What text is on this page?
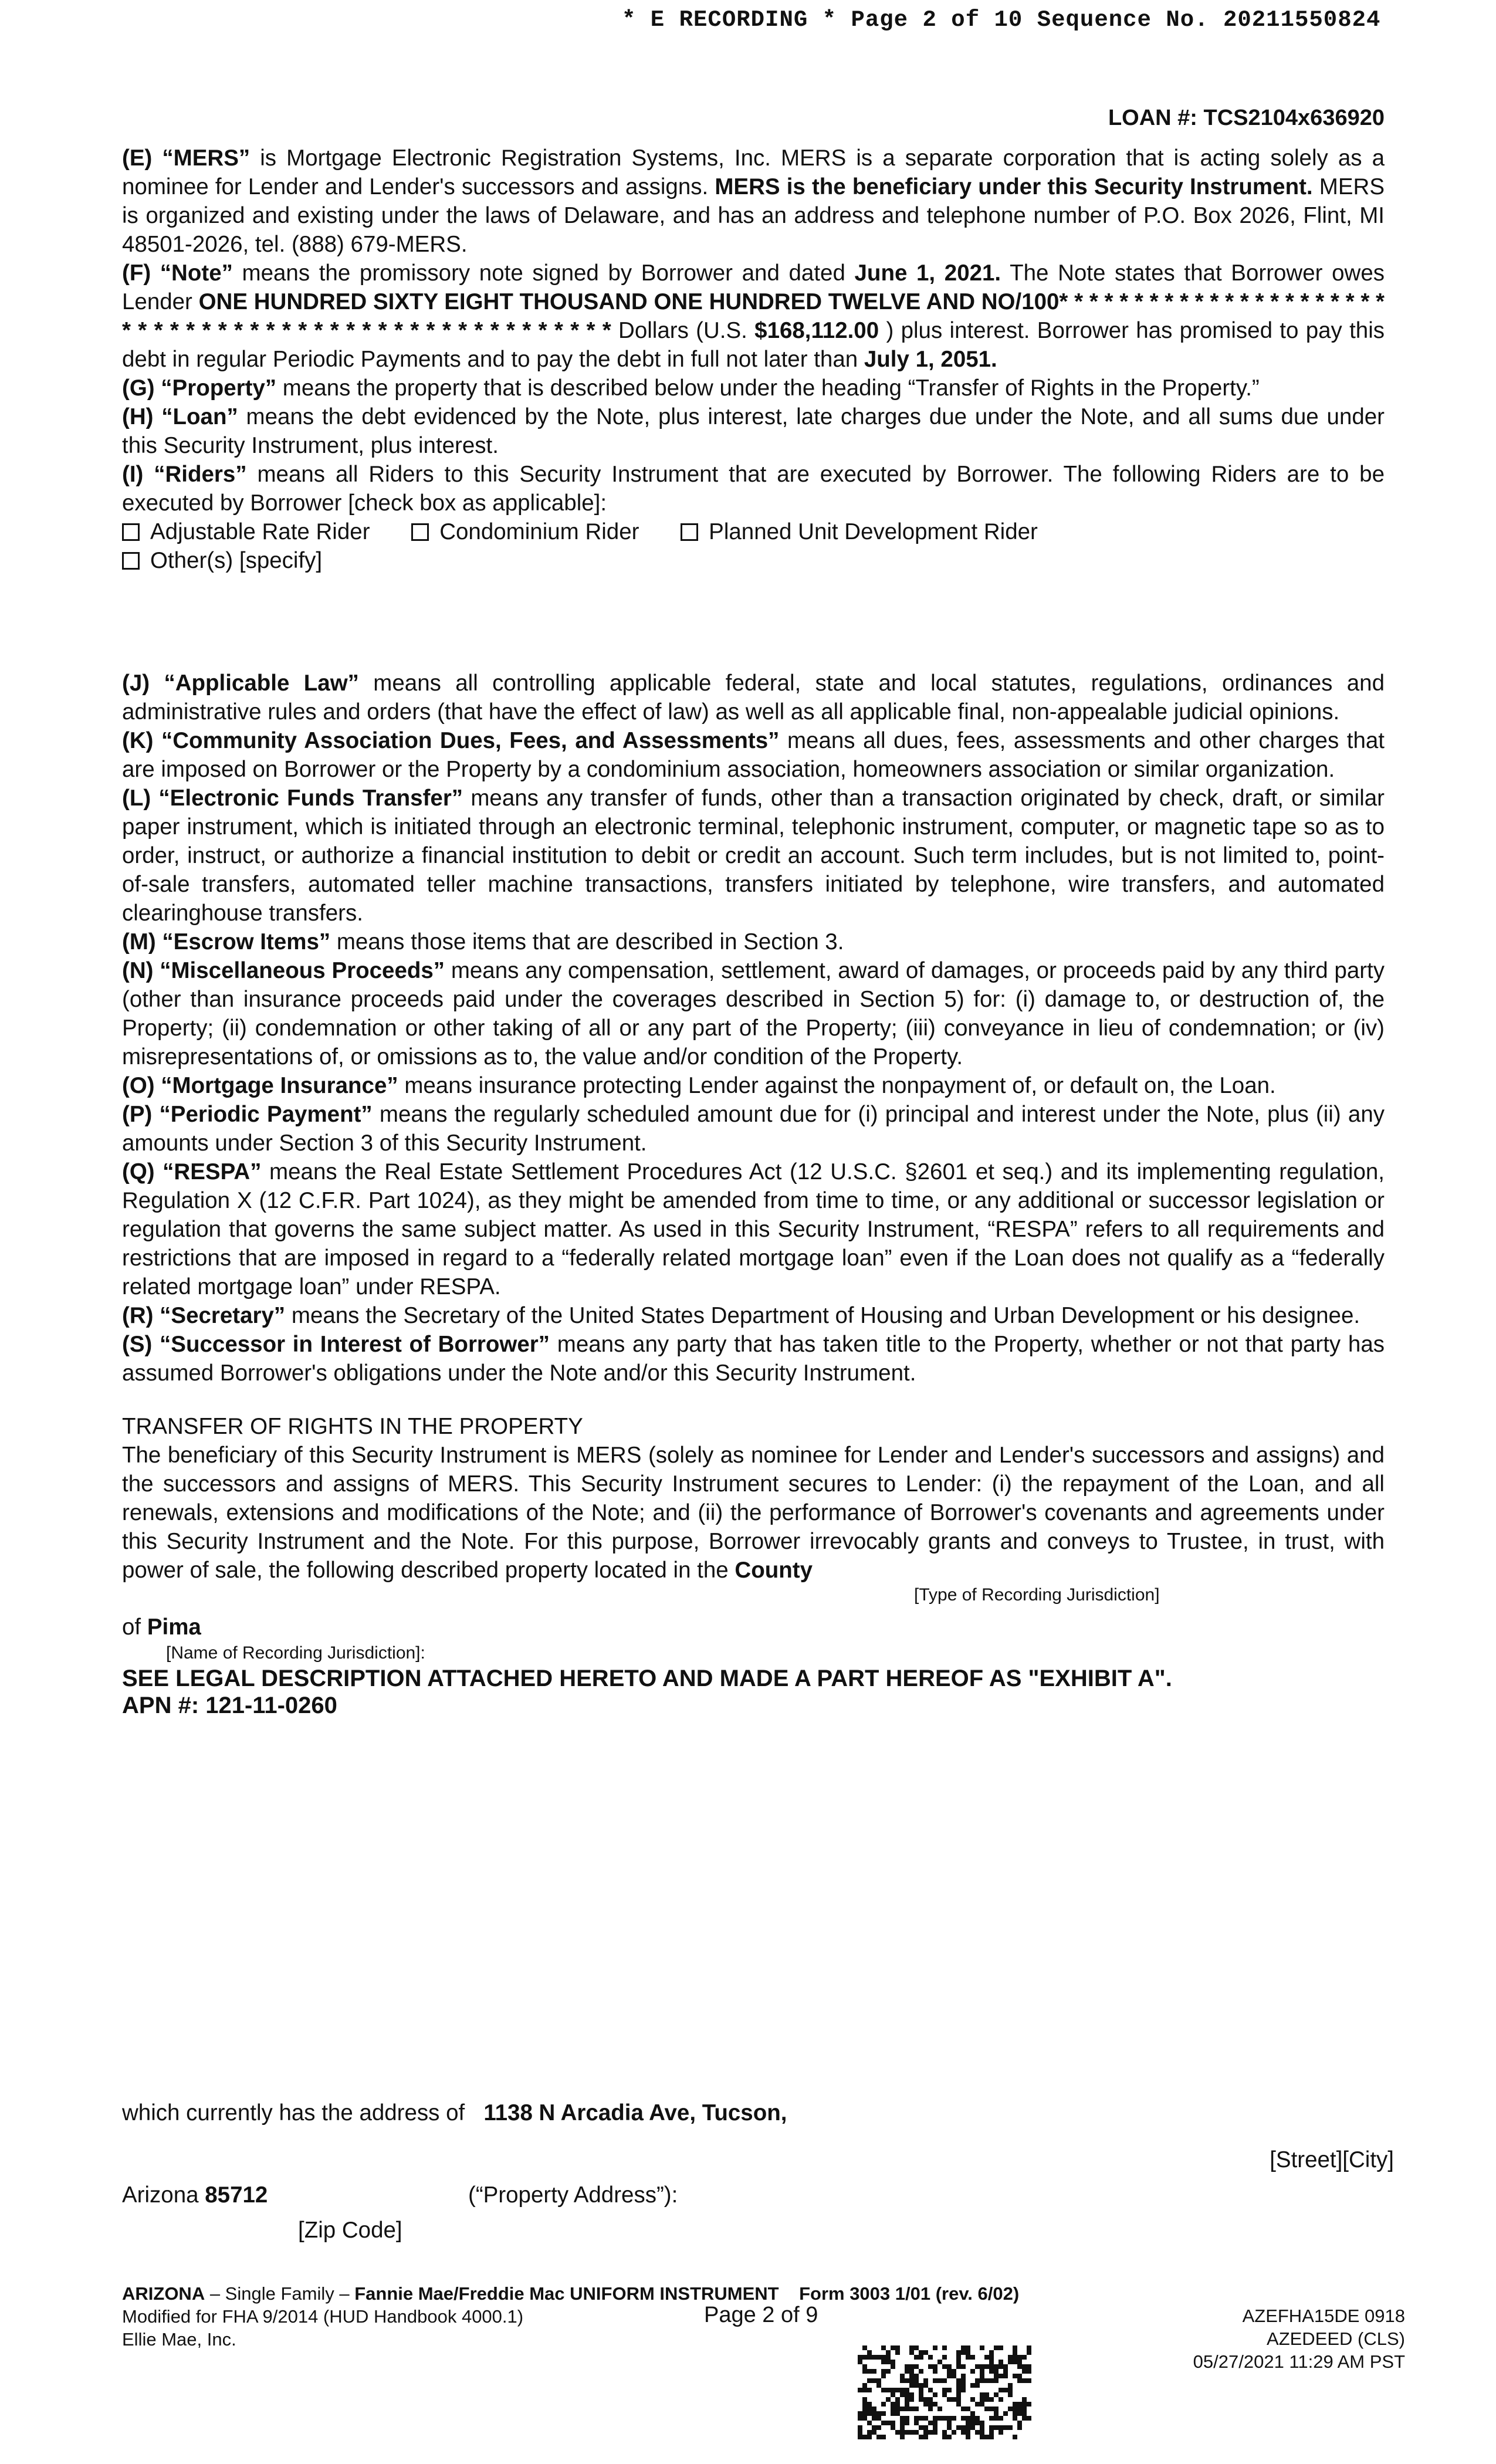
* E RECORDING * Page 2 of 10 Sequence No. 20211550824
LOAN #: TCS2104x636920

(E) “MERS” is Mortgage Electronic Registration Systems, Inc. MERS is a separate corporation that is acting solely as a nominee for Lender and Lender's successors and assigns. MERS is the beneficiary under this Security Instrument. MERS is organized and existing under the laws of Delaware, and has an address and telephone number of P.O. Box 2026, Flint, MI 48501-2026, tel. (888) 679-MERS.

(F) “Note” means the promissory note signed by Borrower and dated June 1, 2021. The Note states that Borrower owes Lender ONE HUNDRED SIXTY EIGHT THOUSAND ONE HUNDRED TWELVE AND NO/100* * * * * * * * * * * * * * * * * * * * * * * * * * * * * * * * * * * * * * * * * * * * * * * * * * * * * Dollars (U.S. $168,112.00 ) plus interest. Borrower has promised to pay this debt in regular Periodic Payments and to pay the debt in full not later than July 1, 2051.

(G) “Property” means the property that is described below under the heading “Transfer of Rights in the Property.”

(H) “Loan” means the debt evidenced by the Note, plus interest, late charges due under the Note, and all sums due under this Security Instrument, plus interest.

(I) “Riders” means all Riders to this Security Instrument that are executed by Borrower. The following Riders are to be executed by Borrower [check box as applicable]:

Adjustable Rate Rider	Condominium Rider	Planned Unit Development Rider
Other(s) [specify]

(J) “Applicable Law” means all controlling applicable federal, state and local statutes, regulations, ordinances and administrative rules and orders (that have the effect of law) as well as all applicable final, non-appealable judicial opinions.

(K) “Community Association Dues, Fees, and Assessments” means all dues, fees, assessments and other charges that are imposed on Borrower or the Property by a condominium association, homeowners association or similar organization.

(L) “Electronic Funds Transfer” means any transfer of funds, other than a transaction originated by check, draft, or similar paper instrument, which is initiated through an electronic terminal, telephonic instrument, computer, or magnetic tape so as to order, instruct, or authorize a financial institution to debit or credit an account. Such term includes, but is not limited to, point-of-sale transfers, automated teller machine transactions, transfers initiated by telephone, wire transfers, and automated clearinghouse transfers.

(M) “Escrow Items” means those items that are described in Section 3.

(N) “Miscellaneous Proceeds” means any compensation, settlement, award of damages, or proceeds paid by any third party (other than insurance proceeds paid under the coverages described in Section 5) for: (i) damage to, or destruction of, the Property; (ii) condemnation or other taking of all or any part of the Property; (iii) conveyance in lieu of condemnation; or (iv) misrepresentations of, or omissions as to, the value and/or condition of the Property.

(O) “Mortgage Insurance” means insurance protecting Lender against the nonpayment of, or default on, the Loan.

(P) “Periodic Payment” means the regularly scheduled amount due for (i) principal and interest under the Note, plus (ii) any amounts under Section 3 of this Security Instrument.

(Q) “RESPA” means the Real Estate Settlement Procedures Act (12 U.S.C. §2601 et seq.) and its implementing regulation, Regulation X (12 C.F.R. Part 1024), as they might be amended from time to time, or any additional or successor legislation or regulation that governs the same subject matter. As used in this Security Instrument, “RESPA” refers to all requirements and restrictions that are imposed in regard to a “federally related mortgage loan” even if the Loan does not qualify as a “federally related mortgage loan” under RESPA.

(R) “Secretary” means the Secretary of the United States Department of Housing and Urban Development or his designee.

(S) “Successor in Interest of Borrower” means any party that has taken title to the Property, whether or not that party has assumed Borrower's obligations under the Note and/or this Security Instrument.

TRANSFER OF RIGHTS IN THE PROPERTY

The beneficiary of this Security Instrument is MERS (solely as nominee for Lender and Lender's successors and assigns) and the successors and assigns of MERS. This Security Instrument secures to Lender: (i) the repayment of the Loan, and all renewals, extensions and modifications of the Note; and (ii) the performance of Borrower's covenants and agreements under this Security Instrument and the Note. For this purpose, Borrower irrevocably grants and conveys to Trustee, in trust, with power of sale, the following described property located in the County

[Type of Recording Jurisdiction]

of Pima

[Name of Recording Jurisdiction]:

SEE LEGAL DESCRIPTION ATTACHED HERETO AND MADE A PART HEREOF AS "EXHIBIT A".

APN #: 121-11-0260

which currently has the address of   1138 N Arcadia Ave, Tucson,
[Street][City]
Arizona 85712	(“Property Address”):
[Zip Code]
ARIZONA – Single Family – Fannie Mae/Freddie Mac UNIFORM INSTRUMENT Form 3003 1/01 (rev. 6/02)
Modified for FHA 9/2014 (HUD Handbook 4000.1)
Ellie Mae, Inc.
Page 2 of 9	AZEFHA15DE 0918
AZEDEED (CLS)
05/27/2021 11:29 AM PST
